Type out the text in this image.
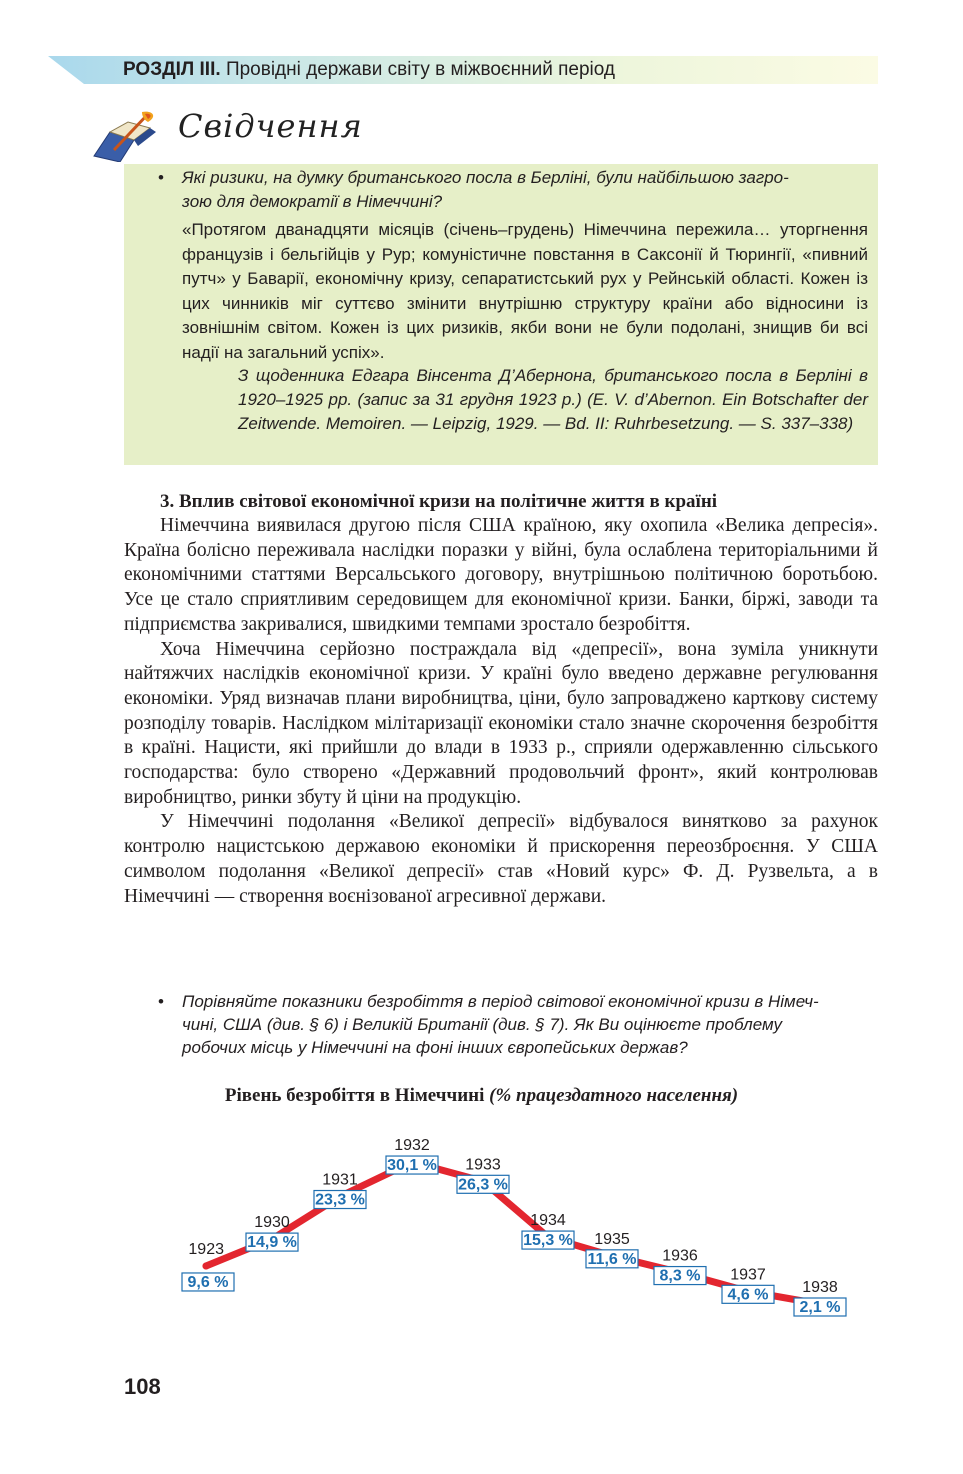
РОЗДІЛ ІІІ. Провідні держави світу в міжвоєнний період
Свідчення
• Які ризики, на думку британського посла в Берліні, були найбільшою загро-
зою для демократії в Німеччині?
«Протягом дванадцяти місяців (січень–грудень) Німеччина пережила… уторгнення французів і бельгійців у Рур; комуністичне повстання в Саксонії й Тюрингії, «пивний путч» у Баварії, економічну кризу, сепаратистський рух у Рейнській області. Кожен із цих чинників міг суттєво змінити внутрішню структуру країни або відносини із зовнішнім світом. Кожен із цих ризиків, якби вони не були подолані, знищив би всі надії на загальний успіх».
З щоденника Едгара Вінсента Д’Абернона, британського посла в Берліні в 1920–1925 рр. (запис за 31 грудня 1923 р.) (E. V. d’Abernon. Ein Botschafter der Zeitwende. Memoiren. — Leipzig, 1929. — Bd. II: Ruhrbesetzung. — S. 337–338)
3. Вплив світової економічної кризи на політичне життя в країні

Німеччина виявилася другою після США країною, яку охопила «Велика депресія». Країна болісно переживала наслідки поразки у війні, була ослаблена територіальними й економічними статтями Версальського договору, внутрішньою політичною боротьбою. Усе це стало сприятливим середовищем для економічної кризи. Банки, біржі, заводи та підприємства закривалися, швидкими темпами зростало безробіття.

Хоча Німеччина серйозно постраждала від «депресії», вона зуміла уникнути найтяжчих наслідків економічної кризи. У країні було введено державне регулювання економіки. Уряд визначав плани виробництва, ціни, було запроваджено карткову систему розподілу товарів. Наслідком мілітаризації економіки стало значне скорочення безробіття в країні. Нацисти, які прийшли до влади в 1933 р., сприяли одержавленню сільського господарства: було створено «Державний продовольчий фронт», який контролював виробництво, ринки збуту й ціни на продукцію.

У Німеччині подолання «Великої депресії» відбувалося винятково за рахунок контролю нацистською державою економіки й прискорення переозброєння. У США символом подолання «Великої депресії» став «Новий курс» Ф. Д. Рузвельта, а в Німеччині — створення воєнізованої агресивної держави.

• Порівняйте показники безробіття в період світової економічної кризи в Німеч-
чині, США (див. § 6) і Великій Британії (див. § 7). Як Ви оцінюєте проблему
робочих місць у Німеччині на фоні інших європейських держав?
Рівень безробіття в Німеччині (% працездатного населення)
1923
9,6 %
1930
14,9 %
1931
23,3 %
1932
30,1 % 1933
26,3 %
1934
15,3 % 1935
11,6 % 1936
8,3 % 1937
4,6 % 1938
2,1 %
108
